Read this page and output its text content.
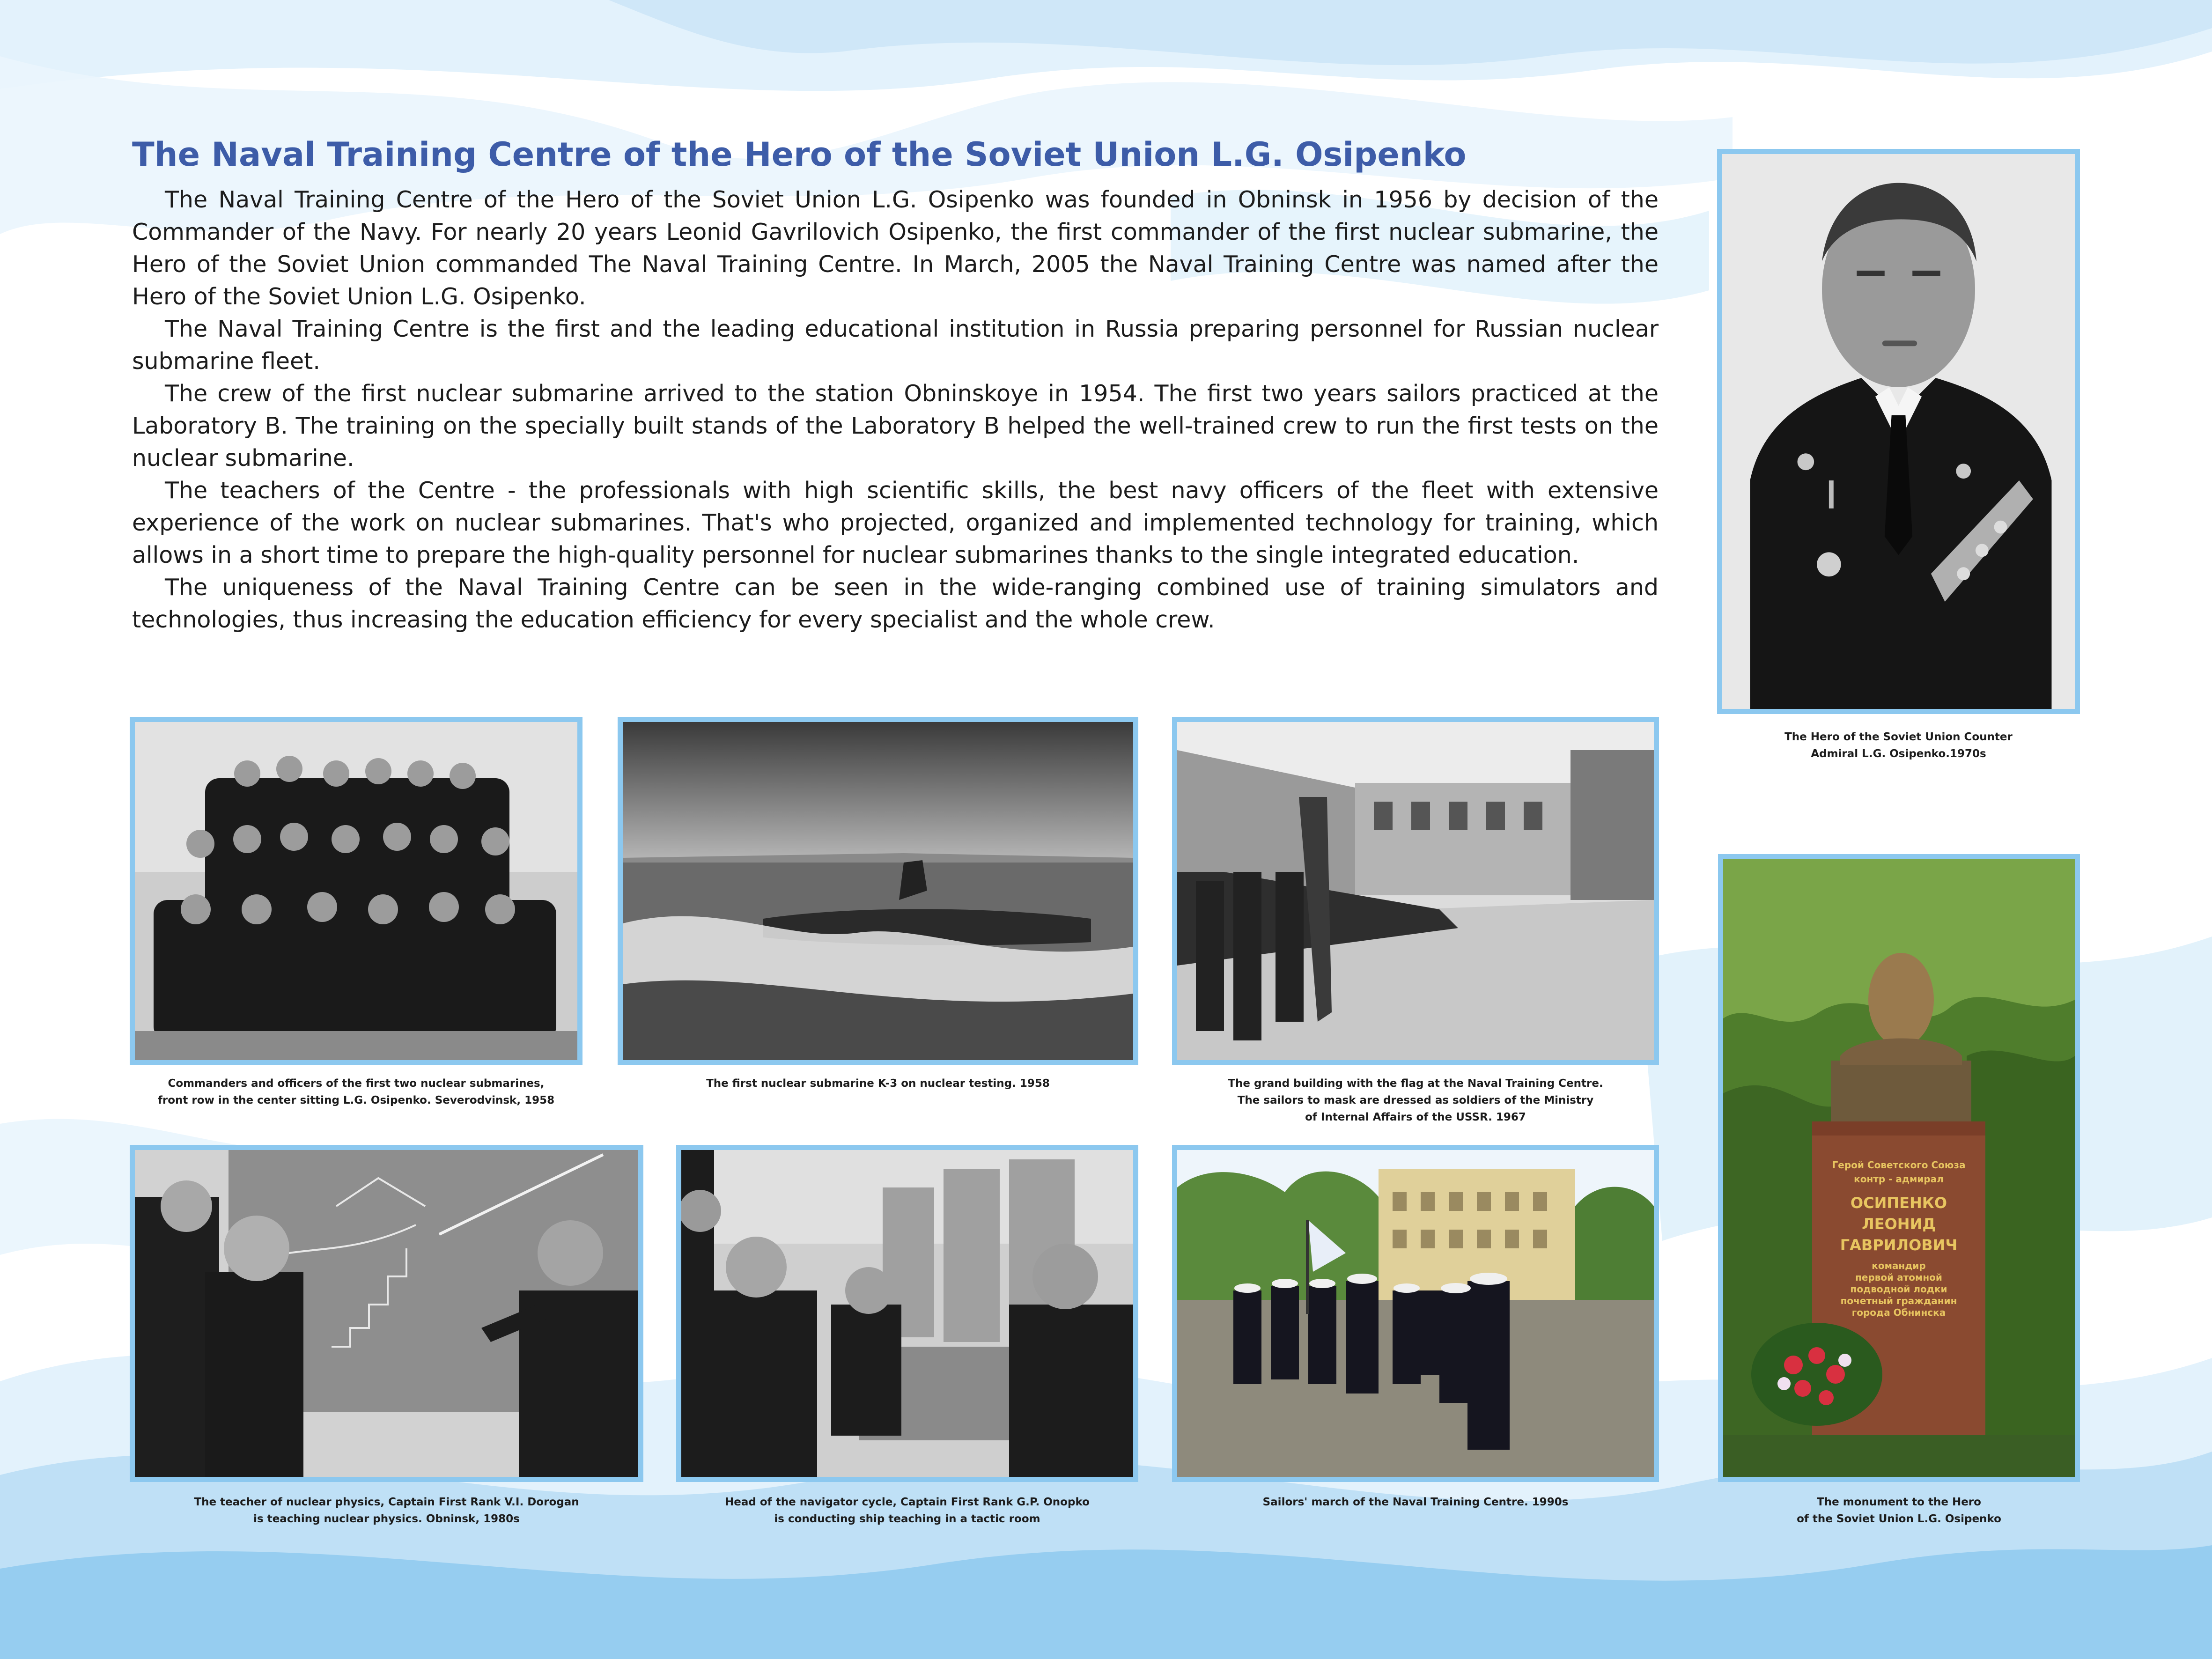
The Naval Training Centre of the Hero of the Soviet Union L.G. Osipenko

The Naval Training Centre of the Hero of the Soviet Union L.G. Osipenko was founded in Obninsk in 1956 by decision of the Commander of the Navy. For nearly 20 years Leonid Gavrilovich Osipenko, the first commander of the first nuclear submarine, the Hero of the Soviet Union commanded The Naval Training Centre. In March, 2005 the Naval Training Centre was named after the Hero of the Soviet Union L.G. Osipenko.

The Naval Training Centre is the first and the leading educational institution in Russia preparing personnel for Russian nuclear submarine fleet.

The crew of the first nuclear submarine arrived to the station Obninskoye in 1954. The first two years sailors practiced at the Laboratory B. The training on the specially built stands of the Laboratory B helped the well-trained crew to run the first tests on the nuclear submarine.

The teachers of the Centre - the professionals with high scientific skills, the best navy officers of the fleet with extensive experience of the work on nuclear submarines. That's who projected, organized and implemented technology for training, which allows in a short time to prepare the high-quality personnel for nuclear submarines thanks to the single integrated education.

The uniqueness of the Naval Training Centre can be seen in the wide-ranging combined use of training simulators and technologies, thus increasing the education efficiency for every specialist and the whole crew.

The Hero of the Soviet Union Counter
Admiral L.G. Osipenko.1970s
Commanders and officers of the first two nuclear submarines,
front row in the center sitting L.G. Osipenko. Severodvinsk, 1958
The first nuclear submarine K-3 on nuclear testing. 1958	The grand building with the flag at the Naval Training Centre.
The sailors to mask are dressed as soldiers of the Ministry
of Internal Affairs of the USSR. 1967
The teacher of nuclear physics, Captain First Rank V.I. Dorogan
is teaching nuclear physics. Obninsk, 1980s
Head of the navigator cycle, Captain First Rank G.P. Onopko
is conducting ship teaching in a tactic room
Sailors' march of the Naval Training Centre. 1990s
Герой Советского Союза
контр - адмирал
ОСИПЕНКО
ЛЕОНИД
ГАВРИЛОВИЧ
командир
первой атомной
подводной лодки
почетный гражданин
города Обнинска
The monument to the Hero
of the Soviet Union L.G. Osipenko
